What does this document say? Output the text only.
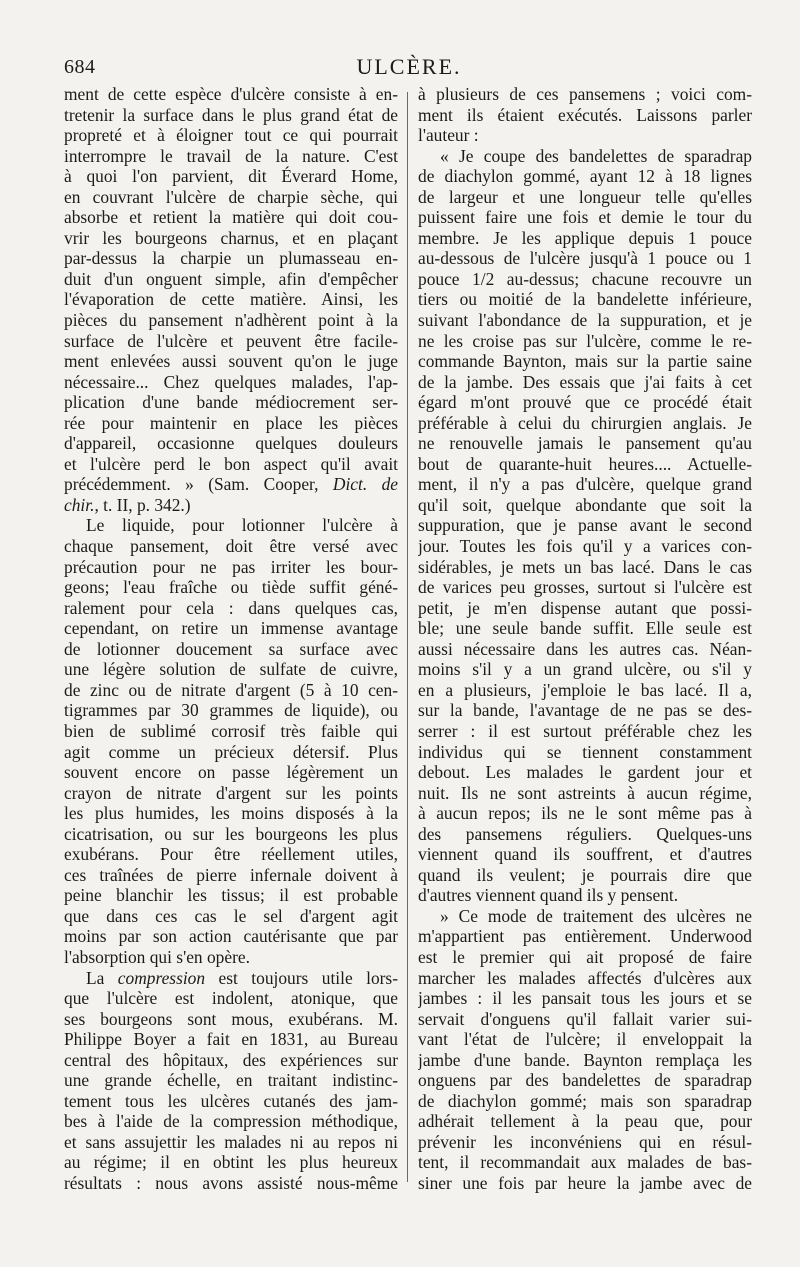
684	ULCÈRE.
ment de cette espèce d'ulcère consiste à en-
tretenir la surface dans le plus grand état de
propreté et à éloigner tout ce qui pourrait
interrompre le travail de la nature. C'est
à quoi l'on parvient, dit Éverard Home,
en couvrant l'ulcère de charpie sèche, qui
absorbe et retient la matière qui doit cou-
vrir les bourgeons charnus, et en plaçant
par-dessus la charpie un plumasseau en-
duit d'un onguent simple, afin d'empêcher
l'évaporation de cette matière. Ainsi, les
pièces du pansement n'adhèrent point à la
surface de l'ulcère et peuvent être facile-
ment enlevées aussi souvent qu'on le juge
nécessaire... Chez quelques malades, l'ap-
plication d'une bande médiocrement ser-
rée pour maintenir en place les pièces
d'appareil, occasionne quelques douleurs
et l'ulcère perd le bon aspect qu'il avait
précédemment. » (Sam. Cooper, Dict. de
chir., t. II, p. 342.)
Le liquide, pour lotionner l'ulcère à
chaque pansement, doit être versé avec
précaution pour ne pas irriter les bour-
geons; l'eau fraîche ou tiède suffit géné-
ralement pour cela : dans quelques cas,
cependant, on retire un immense avantage
de lotionner doucement sa surface avec
une légère solution de sulfate de cuivre,
de zinc ou de nitrate d'argent (5 à 10 cen-
tigrammes par 30 grammes de liquide), ou
bien de sublimé corrosif très faible qui
agit comme un précieux détersif. Plus
souvent encore on passe légèrement un
crayon de nitrate d'argent sur les points
les plus humides, les moins disposés à la
cicatrisation, ou sur les bourgeons les plus
exubérans. Pour être réellement utiles,
ces traînées de pierre infernale doivent à
peine blanchir les tissus; il est probable
que dans ces cas le sel d'argent agit
moins par son action cautérisante que par
l'absorption qui s'en opère.
La compression est toujours utile lors-
que l'ulcère est indolent, atonique, que
ses bourgeons sont mous, exubérans. M.
Philippe Boyer a fait en 1831, au Bureau
central des hôpitaux, des expériences sur
une grande échelle, en traitant indistinc-
tement tous les ulcères cutanés des jam-
bes à l'aide de la compression méthodique,
et sans assujettir les malades ni au repos ni
au régime; il en obtint les plus heureux
résultats : nous avons assisté nous-même
à plusieurs de ces pansemens ; voici com-
ment ils étaient exécutés. Laissons parler
l'auteur :
« Je coupe des bandelettes de sparadrap
de diachylon gommé, ayant 12 à 18 lignes
de largeur et une longueur telle qu'elles
puissent faire une fois et demie le tour du
membre. Je les applique depuis 1 pouce
au-dessous de l'ulcère jusqu'à 1 pouce ou 1
pouce 1/2 au-dessus; chacune recouvre un
tiers ou moitié de la bandelette inférieure,
suivant l'abondance de la suppuration, et je
ne les croise pas sur l'ulcère, comme le re-
commande Baynton, mais sur la partie saine
de la jambe. Des essais que j'ai faits à cet
égard m'ont prouvé que ce procédé était
préférable à celui du chirurgien anglais. Je
ne renouvelle jamais le pansement qu'au
bout de quarante-huit heures.... Actuelle-
ment, il n'y a pas d'ulcère, quelque grand
qu'il soit, quelque abondante que soit la
suppuration, que je panse avant le second
jour. Toutes les fois qu'il y a varices con-
sidérables, je mets un bas lacé. Dans le cas
de varices peu grosses, surtout si l'ulcère est
petit, je m'en dispense autant que possi-
ble; une seule bande suffit. Elle seule est
aussi nécessaire dans les autres cas. Néan-
moins s'il y a un grand ulcère, ou s'il y
en a plusieurs, j'emploie le bas lacé. Il a,
sur la bande, l'avantage de ne pas se des-
serrer : il est surtout préférable chez les
individus qui se tiennent constamment
debout. Les malades le gardent jour et
nuit. Ils ne sont astreints à aucun régime,
à aucun repos; ils ne le sont même pas à
des pansemens réguliers. Quelques-uns
viennent quand ils souffrent, et d'autres
quand ils veulent; je pourrais dire que
d'autres viennent quand ils y pensent.
» Ce mode de traitement des ulcères ne
m'appartient pas entièrement. Underwood
est le premier qui ait proposé de faire
marcher les malades affectés d'ulcères aux
jambes : il les pansait tous les jours et se
servait d'onguens qu'il fallait varier sui-
vant l'état de l'ulcère; il enveloppait la
jambe d'une bande. Baynton remplaça les
onguens par des bandelettes de sparadrap
de diachylon gommé; mais son sparadrap
adhérait tellement à la peau que, pour
prévenir les inconvéniens qui en résul-
tent, il recommandait aux malades de bas-
siner une fois par heure la jambe avec de
